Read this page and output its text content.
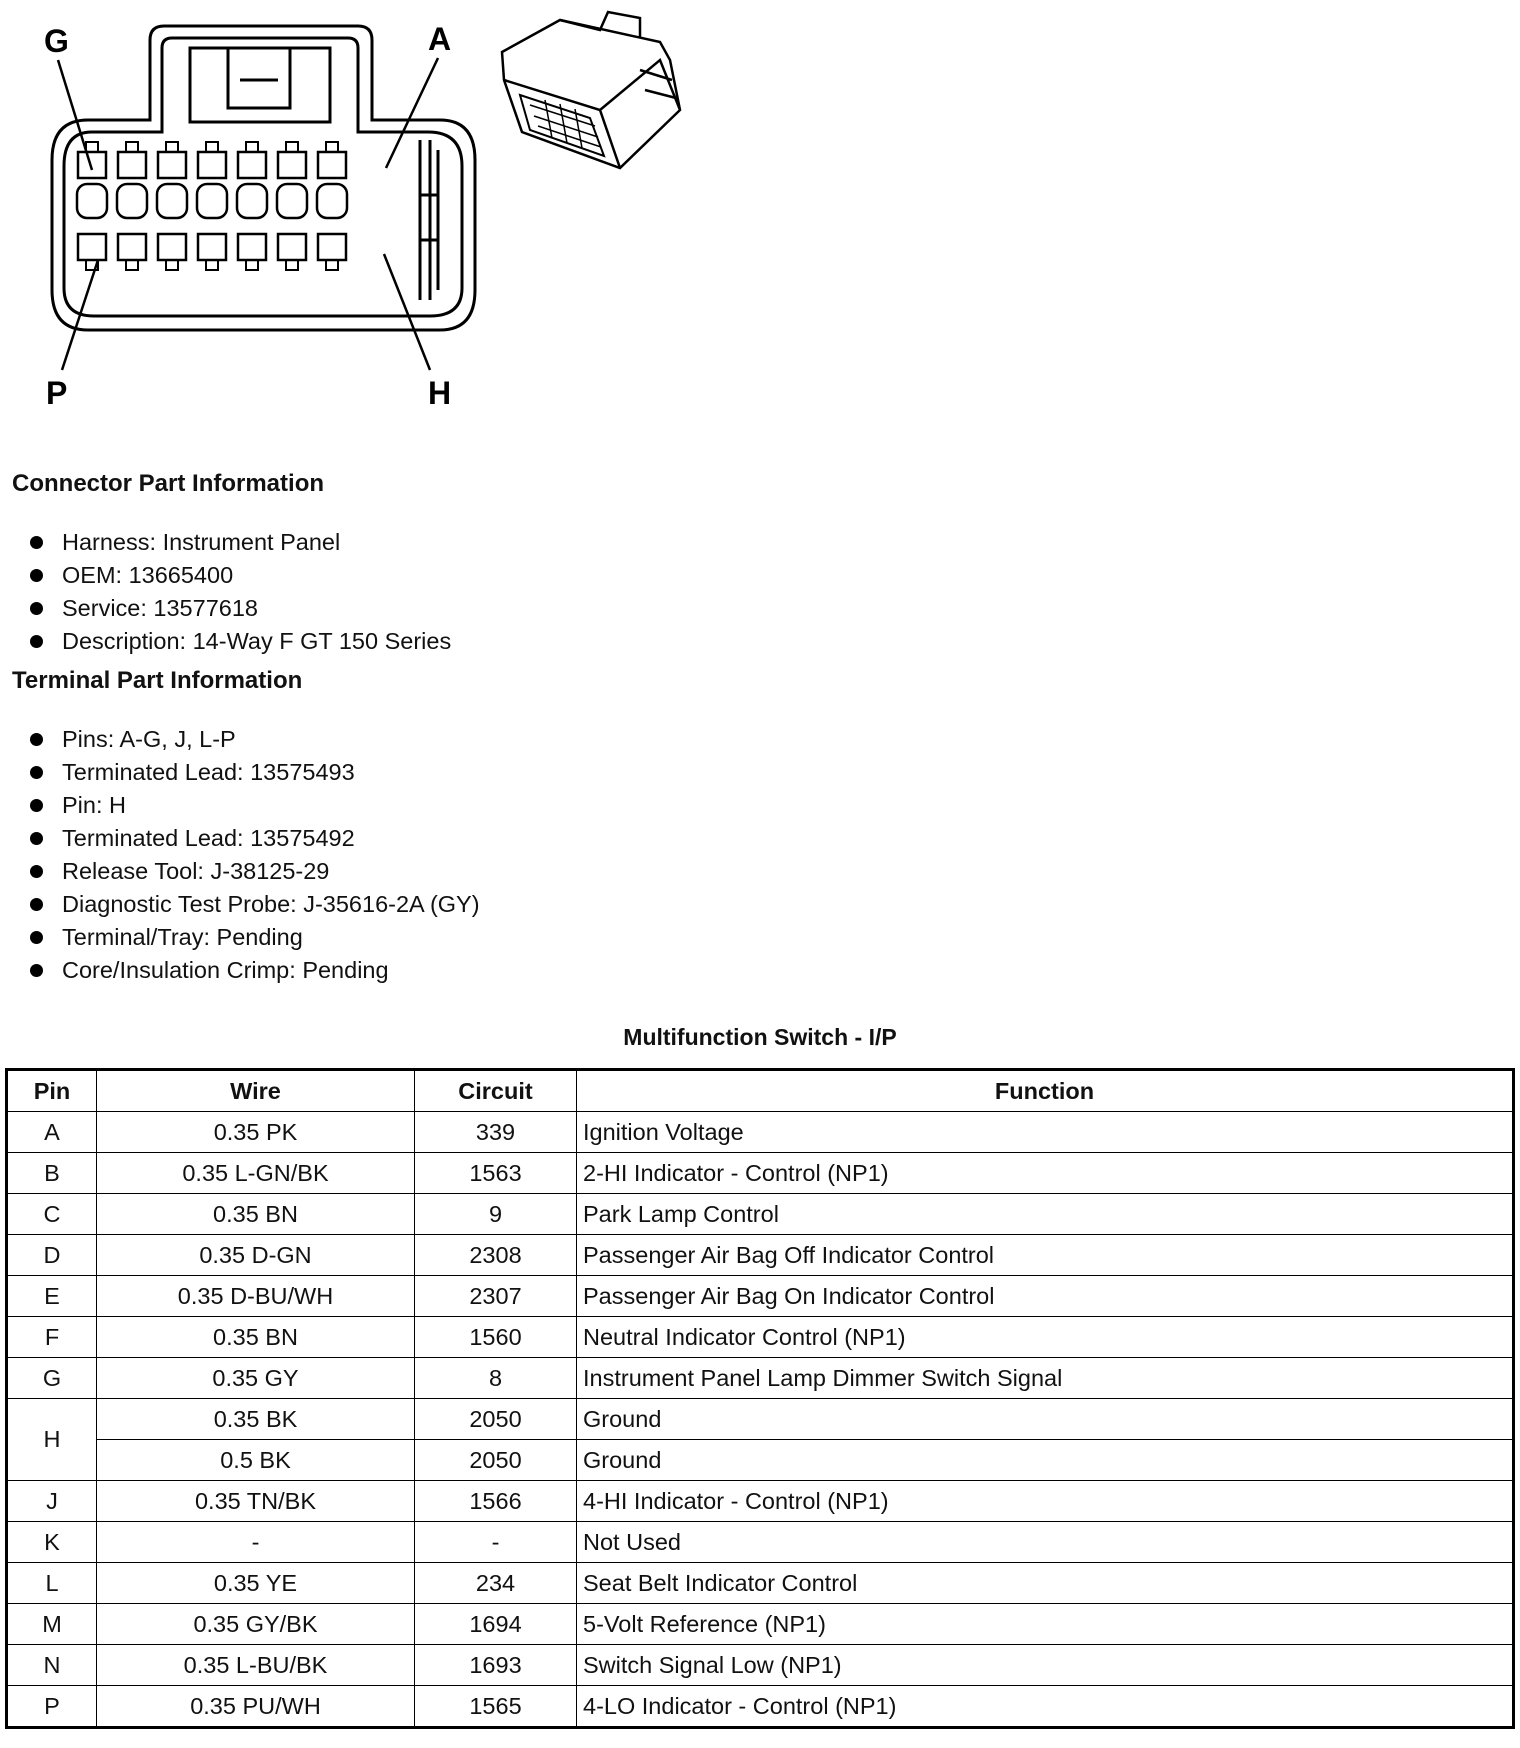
G	A
P	H
Connector Part Information
Harness: Instrument Panel
OEM: 13665400
Service: 13577618
Description: 14-Way F GT 150 Series
Terminal Part Information
Pins: A-G, J, L-P
Terminated Lead: 13575493
Pin: H
Terminated Lead: 13575492
Release Tool: J-38125-29
Diagnostic Test Probe: J-35616-2A (GY)
Terminal/Tray: Pending
Core/Insulation Crimp: Pending
Multifunction Switch - I/P
Pin	Wire	Circuit	Function
A	0.35 PK	339	Ignition Voltage
B	0.35 L-GN/BK	1563	2-HI Indicator - Control (NP1)
C	0.35 BN	9	Park Lamp Control
D	0.35 D-GN	2308	Passenger Air Bag Off Indicator Control
E	0.35 D-BU/WH	2307	Passenger Air Bag On Indicator Control
F	0.35 BN	1560	Neutral Indicator Control (NP1)
G	0.35 GY	8	Instrument Panel Lamp Dimmer Switch Signal
H	0.35 BK	2050	Ground
	0.5 BK	2050	Ground
J	0.35 TN/BK	1566	4-HI Indicator - Control (NP1)
K	-	-	Not Used
L	0.35 YE	234	Seat Belt Indicator Control
M	0.35 GY/BK	1694	5-Volt Reference (NP1)
N	0.35 L-BU/BK	1693	Switch Signal Low (NP1)
P	0.35 PU/WH	1565	4-LO Indicator - Control (NP1)
